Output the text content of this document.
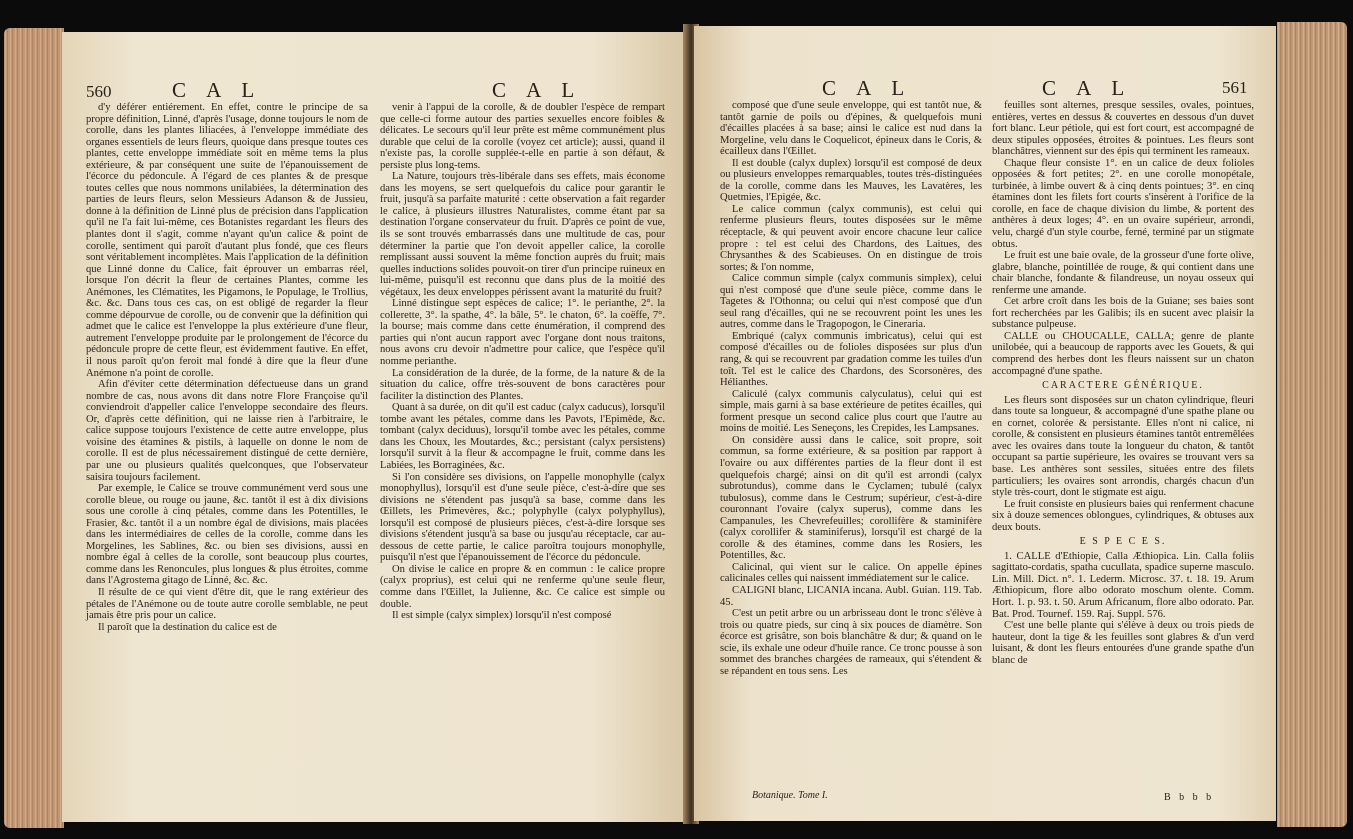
560	C A L	C A L

d'y déférer entiérement. En effet, contre le principe de sa propre définition, Linné, d'après l'usage, donne toujours le nom de corolle, dans les plantes liliacées, à l'enveloppe immédiate des organes essentiels de leurs fleurs, quoique dans presque toutes ces plantes, cette enveloppe immédiate soit en même tems la plus extérieure, & par conséquent une suite de l'épanouissement de l'écorce du pédoncule. A l'égard de ces plantes & de presque toutes celles que nous nommons unilabiées, la détermination des parties de leurs fleurs, selon Messieurs Adanson & de Jussieu, donne à la définition de Linné plus de précision dans l'application qu'il ne l'a fait lui-même, ces Botanistes regardant les fleurs des plantes dont il s'agit, comme n'ayant qu'un calice & point de corolle, sentiment qui paroît d'autant plus fondé, que ces fleurs sont véritablement incomplètes. Mais l'application de la définition que Linné donne du Calice, fait éprouver un embarras réel, lorsque l'on décrit la fleur de certaines Plantes, comme les Anémones, les Clématites, les Pigamons, le Populage, le Trollius, &c. &c. Dans tous ces cas, on est obligé de regarder la fleur comme dépourvue de corolle, ou de convenir que la définition qui admet que le calice est l'enveloppe la plus extérieure d'une fleur, autrement l'enveloppe produite par le prolongement de l'écorce du pédoncule propre de cette fleur, est évidemment fautive. En effet, il nous paroît qu'on feroit mal fondé à dire que la fleur d'une Anémone n'a point de corolle.

Afin d'éviter cette détermination défectueuse dans un grand nombre de cas, nous avons dit dans notre Flore Françoise qu'il conviendroit d'appeller calice l'enveloppe secondaire des fleurs. Or, d'après cette définition, qui ne laisse rien à l'arbitraire, le calice suppose toujours l'existence de cette autre enveloppe, plus voisine des étamines & pistils, à laquelle on donne le nom de corolle. Il est de plus nécessairement distingué de cette dernière, par une ou plusieurs qualités quelconques, que l'observateur saisira toujours facilement.

Par exemple, le Calice se trouve communément verd sous une corolle bleue, ou rouge ou jaune, &c. tantôt il est à dix divisions sous une corolle à cinq pétales, comme dans les Potentilles, le Frasier, &c. tantôt il a un nombre égal de divisions, mais placées dans les intermédiaires de celles de la corolle, comme dans les Morgelines, les Sablines, &c. ou bien ses divisions, aussi en nombre égal à celles de la corolle, sont beaucoup plus courtes, comme dans les Renoncules, plus longues & plus étroites, comme dans l'Agrostema gitago de Linné, &c. &c.

Il résulte de ce qui vient d'être dit, que le rang extérieur des pétales de l'Anémone ou de toute autre corolle semblable, ne peut jamais être pris pour un calice.

Il paroît que la destination du calice est de

venir à l'appui de la corolle, & de doubler l'espèce de rempart que celle-ci forme autour des parties sexuelles encore foibles & délicates. Le secours qu'il leur prête est même communément plus durable que celui de la corolle (voyez cet article); aussi, quand il n'existe pas, la corolle supplée-t-elle en partie à son défaut, & persiste plus long-tems.

La Nature, toujours très-libérale dans ses effets, mais économe dans les moyens, se sert quelquefois du calice pour garantir le fruit, jusqu'à sa parfaite maturité : cette observation a fait regarder le calice, à plusieurs illustres Naturalistes, comme étant par sa destination l'organe conservateur du fruit. D'après ce point de vue, ils se sont trouvés embarrassés dans une multitude de cas, pour déterminer la partie que l'on devoit appeller calice, la corolle remplissant aussi souvent la même fonction auprès du fruit; mais quelles inductions solides pouvoit-on tirer d'un principe ruineux en lui-même, puisqu'il est reconnu que dans plus de la moitié des végétaux, les deux enveloppes périssent avant la maturité du fruit?

Linné distingue sept espèces de calice; 1°. le perianthe, 2°. la collerette, 3°. la spathe, 4°. la bâle, 5°. le chaton, 6°. la coëffe, 7°. la bourse; mais comme dans cette énumération, il comprend des parties qui n'ont aucun rapport avec l'organe dont nous traitons, nous avons cru devoir n'admettre pour calice, que l'espèce qu'il nomme perianthe.

La considération de la durée, de la forme, de la nature & de la situation du calice, offre très-souvent de bons caractères pour faciliter la distinction des Plantes.

Quant à sa durée, on dit qu'il est caduc (calyx caducus), lorsqu'il tombe avant les pétales, comme dans les Pavots, l'Epimède, &c. tombant (calyx deciduus), lorsqu'il tombe avec les pétales, comme dans les Choux, les Moutardes, &c.; persistant (calyx persistens) lorsqu'il survit à la fleur & accompagne le fruit, comme dans les Labiées, les Borraginées, &c.

Si l'on considère ses divisions, on l'appelle monophylle (calyx monophyllus), lorsqu'il est d'une seule pièce, c'est-à-dire que ses divisions ne s'étendent pas jusqu'à sa base, comme dans les Œillets, les Primevères, &c.; polyphylle (calyx polyphyllus), lorsqu'il est composé de plusieurs pièces, c'est-à-dire lorsque ses divisions s'étendent jusqu'à sa base ou jusqu'au réceptacle, car au-dessous de cette partie, le calice paroîtra toujours monophylle, puisqu'il n'est que l'épanouissement de l'écorce du pédoncule.

On divise le calice en propre & en commun : le calice propre (calyx proprius), est celui qui ne renferme qu'une seule fleur, comme dans l'Œillet, la Julienne, &c. Ce calice est simple ou double.

Il est simple (calyx simplex) lorsqu'il n'est composé

C A L	C A L	561

composé que d'une seule enveloppe, qui est tantôt nue, & tantôt garnie de poils ou d'épines, & quelquefois muni d'écailles placées à sa base; ainsi le calice est nud dans la Morgeline, velu dans le Coquelicot, épineux dans le Coris, & écailleux dans l'Œillet.

Il est double (calyx duplex) lorsqu'il est composé de deux ou plusieurs enveloppes remarquables, toutes très-distinguées de la corolle, comme dans les Mauves, les Lavatères, les Quetmies, l'Epigée, &c.

Le calice commun (calyx communis), est celui qui renferme plusieurs fleurs, toutes disposées sur le même réceptacle, & qui peuvent avoir encore chacune leur calice propre : tel est celui des Chardons, des Laitues, des Chrysanthes & des Scabieuses. On en distingue de trois sortes; & l'on nomme,

Calice commun simple (calyx communis simplex), celui qui n'est composé que d'une seule pièce, comme dans le Tagetes & l'Othonna; ou celui qui n'est composé que d'un seul rang d'écailles, qui ne se recouvrent point les unes les autres, comme dans le Tragopogon, le Cineraria.

Embriqué (calyx communis imbricatus), celui qui est composé d'écailles ou de folioles disposées sur plus d'un rang, & qui se recouvrent par gradation comme les tuiles d'un toît. Tel est le calice des Chardons, des Scorsonères, des Hélianthes.

Caliculé (calyx communis calyculatus), celui qui est simple, mais garni à sa base extérieure de petites écailles, qui forment presque un second calice plus court que l'autre au moins de moitié. Les Seneçons, les Crepides, les Lampsanes.

On considère aussi dans le calice, soit propre, soit commun, sa forme extérieure, & sa position par rapport à l'ovaire ou aux différentes parties de la fleur dont il est quelquefois chargé; ainsi on dit qu'il est arrondi (calyx subrotundus), comme dans le Cyclamen; tubulé (calyx tubulosus), comme dans le Cestrum; supérieur, c'est-à-dire couronnant l'ovaire (calyx superus), comme dans les Campanules, les Chevrefeuilles; corollifère & staminifère (calyx corollifer & staminiferus), lorsqu'il est chargé de la corolle & des étamines, comme dans les Rosiers, les Potentilles, &c.

Calicinal, qui vient sur le calice. On appelle épines calicinales celles qui naissent immédiatement sur le calice.

CALIGNI blanc, LICANIA incana. Aubl. Guian. 119. Tab. 45.

C'est un petit arbre ou un arbrisseau dont le tronc s'élève à trois ou quatre pieds, sur cinq à six pouces de diamètre. Son écorce est grisâtre, son bois blanchâtre & dur; & quand on le scie, ils exhale une odeur d'huile rance. Ce tronc pousse à son sommet des branches chargées de rameaux, qui s'étendent & se répandent en tous sens. Les

Botanique. Tome I.

feuilles sont alternes, presque sessiles, ovales, pointues, entières, vertes en dessus & couvertes en dessous d'un duvet fort blanc. Leur pétiole, qui est fort court, est accompagné de deux stipules opposées, étroites & pointues. Les fleurs sont blanchâtres, viennent sur des épis qui terminent les rameaux.

Chaque fleur consiste 1°. en un calice de deux folioles opposées & fort petites; 2°. en une corolle monopétale, turbinée, à limbe ouvert & à cinq dents pointues; 3°. en cinq étamines dont les filets fort courts s'insèrent à l'orifice de la corolle, en face de chaque division du limbe, & portent des anthères à deux loges; 4°. en un ovaire supérieur, arrondi, velu, chargé d'un style courbe, ferné, terminé par un stigmate obtus.

Le fruit est une baie ovale, de la grosseur d'une forte olive, glabre, blanche, pointillée de rouge, & qui contient dans une chair blanche, fondante & filandreuse, un noyau osseux qui renferme une amande.

Cet arbre croît dans les bois de la Guiane; ses baies sont fort recherchées par les Galibis; ils en sucent avec plaisir la substance pulpeuse.

CALLE ou CHOUCALLE, CALLA; genre de plante unilobée, qui a beaucoup de rapports avec les Gouets, & qui comprend des herbes dont les fleurs naissent sur un chaton accompagné d'une spathe.

CARACTERE GÉNÉRIQUE.

Les fleurs sont disposées sur un chaton cylindrique, fleuri dans toute sa longueur, & accompagné d'une spathe plane ou en cornet, colorée & persistante. Elles n'ont ni calice, ni corolle, & consistent en plusieurs étamines tantôt entremêlées avec les ovaires dans toute la longueur du chaton, & tantôt occupant sa partie supérieure, les ovaires se trouvant vers sa base. Les anthères sont sessiles, situées entre des filets particuliers; les ovaires sont arrondis, chargés chacun d'un style très-court, dont le stigmate est aigu.

Le fruit consiste en plusieurs baies qui renferment chacune six à douze semences oblongues, cylindriques, & obtuses aux deux bouts.

E S P E C E S.

1. CALLE d'Ethiopie, Calla Æthiopica. Lin. Calla foliis sagittato-cordatis, spatha cucullata, spadice superne masculo. Lin. Mill. Dict. n°. 1. Lederm. Microsc. 37. t. 18. 19. Arum Æthiopicum, flore albo odorato moschum olente. Comm. Hort. 1. p. 93. t. 50. Arum Africanum, flore albo odorato. Par. Bat. Prod. Tournef. 159. Raj. Suppl. 576.

C'est une belle plante qui s'élève à deux ou trois pieds de hauteur, dont la tige & les feuilles sont glabres & d'un verd luisant, & dont les fleurs entourées d'une grande spathe d'un blanc de

B b b b
